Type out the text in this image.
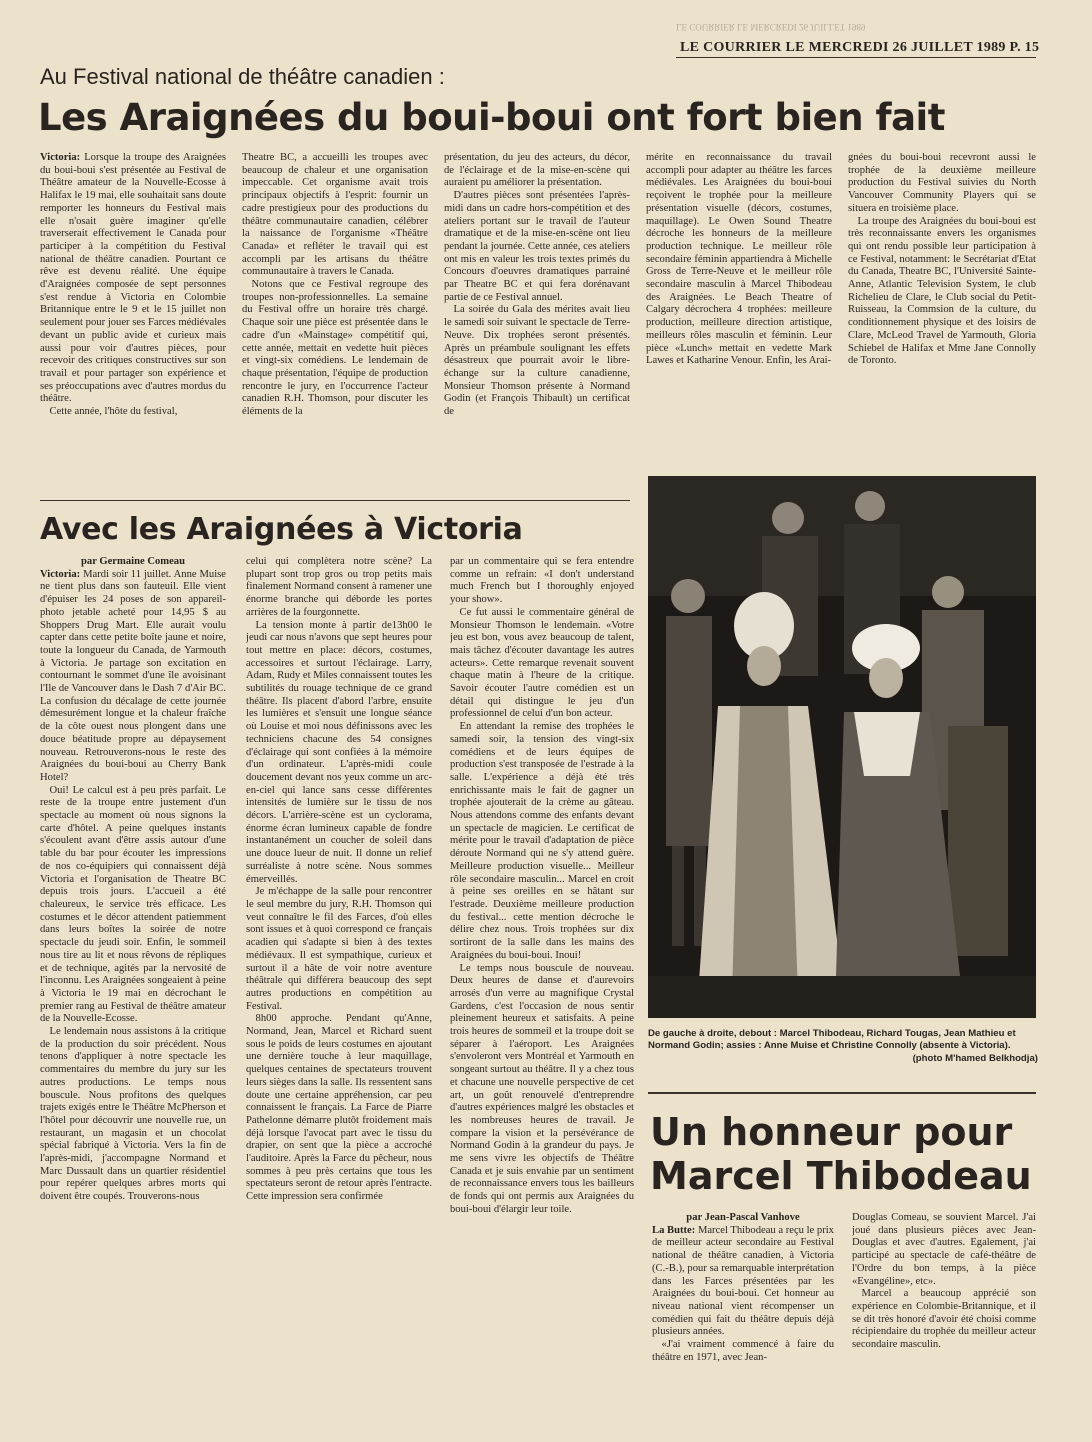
LE COURRIER LE MERCREDI 26 JUILLET 1989
LE COURRIER LE MERCREDI 26 JUILLET 1989 P. 15
Au Festival national de théâtre canadien :
Les Araignées du boui-boui ont fort bien fait

Victoria: Lorsque la troupe des Araignées du boui-boui s'est présentée au Festival de Théâtre amateur de la Nouvelle-Ecosse à Halifax le 19 mai, elle souhaitait sans doute remporter les honneurs du Festival mais elle n'osait guère imaginer qu'elle traverserait effectivement le Canada pour participer à la compétition du Festival national de théâtre canadien. Pourtant ce rêve est devenu réalité. Une équipe d'Araignées composée de sept personnes s'est rendue à Victoria en Colombie Britannique entre le 9 et le 15 juillet non seulement pour jouer ses Farces médiévales devant un public avide et curieux mais aussi pour voir d'autres pièces, pour recevoir des critiques constructives sur son travail et pour partager son expérience et ses préoccupations avec d'autres mordus du théâtre.

Cette année, l'hôte du festival,

Theatre BC, a accueilli les troupes avec beaucoup de chaleur et une organisation impeccable. Cet organisme avait trois principaux objectifs à l'esprit: fournir un cadre prestigieux pour des productions du théâtre communautaire canadien, célébrer la naissance de l'organisme «Théâtre Canada» et refléter le travail qui est accompli par les artisans du théâtre communautaire à travers le Canada.

Notons que ce Festival regroupe des troupes non-professionnelles. La semaine du Festival offre un horaire très chargé. Chaque soir une pièce est présentée dans le cadre d'un «Mainstage» compétitif qui, cette année, mettait en vedette huit pièces et vingt-six comédiens. Le lendemain de chaque présentation, l'équipe de production rencontre le jury, en l'occurrence l'acteur canadien R.H. Thomson, pour discuter les éléments de la

présentation, du jeu des acteurs, du décor, de l'éclairage et de la mise-en-scène qui auraient pu améliorer la présentation.

D'autres pièces sont présentées l'après-midi dans un cadre hors-compétition et des ateliers portant sur le travail de l'auteur dramatique et de la mise-en-scène ont lieu pendant la journée. Cette année, ces ateliers ont mis en valeur les trois textes primés du Concours d'oeuvres dramatiques parrainé par Theatre BC et qui fera dorénavant partie de ce Festival annuel.

La soirée du Gala des mérites avait lieu le samedi soir suivant le spectacle de Terre-Neuve. Dix trophées seront présentés. Après un préambule soulignant les effets désastreux que pourrait avoir le libre-échange sur la culture canadienne, Monsieur Thomson présente à Normand Godin (et François Thibault) un certificat de

mérite en reconnaissance du travail accompli pour adapter au théâtre les farces médiévales. Les Araignées du boui-boui reçoivent le trophée pour la meilleure présentation visuelle (décors, costumes, maquillage). Le Owen Sound Theatre décroche les honneurs de la meilleure production technique. Le meilleur rôle secondaire féminin appartiendra à Michelle Gross de Terre-Neuve et le meilleur rôle secondaire masculin à Marcel Thibodeau des Araignées. Le Beach Theatre of Calgary décrochera 4 trophées: meilleure production, meilleure direction artistique, meilleurs rôles masculin et féminin. Leur pièce «Lunch» mettait en vedette Mark Lawes et Katharine Venour. Enfin, les Arai-

gnées du boui-boui recevront aussi le trophée de la deuxième meilleure production du Festival suivies du North Vancouver Community Players qui se situera en troisième place.

La troupe des Araignées du boui-boui est très reconnaissante envers les organismes qui ont rendu possible leur participation à ce Festival, notamment: le Secrétariat d'Etat du Canada, Theatre BC, l'Université Sainte-Anne, Atlantic Television System, le club Richelieu de Clare, le Club social du Petit-Ruisseau, la Commsion de la culture, du conditionnement physique et des loisirs de Clare, McLeod Travel de Yarmouth, Gloria Schiebel de Halifax et Mme Jane Connolly de Toronto.

Avec les Araignées à Victoria
par Germaine Comeau

Victoria: Mardi soir 11 juillet. Anne Muise ne tient plus dans son fauteuil. Elle vient d'épuiser les 24 poses de son appareil-photo jetable acheté pour 14,95 $ au Shoppers Drug Mart. Elle aurait voulu capter dans cette petite boîte jaune et noire, toute la longueur du Canada, de Yarmouth à Victoria. Je partage son excitation en contournant le sommet d'une île avoisinant l'Ile de Vancouver dans le Dash 7 d'Air BC. La confusion du décalage de cette journée démesurément longue et la chaleur fraîche de la côte ouest nous plongent dans une douce béatitude propre au dépaysement nouveau. Retrouverons-nous le reste des Araignées du boui-boui au Cherry Bank Hotel?

Oui! Le calcul est à peu près parfait. Le reste de la troupe entre justement d'un spectacle au moment où nous signons la carte d'hôtel. A peine quelques instants s'écoulent avant d'être assis autour d'une table du bar pour écouter les impressions de nos co-équipiers qui connaissent déjà Victoria et l'organisation de Theatre BC depuis trois jours. L'accueil a été chaleureux, le service très efficace. Les costumes et le décor attendent patiemment dans leurs boîtes la soirée de notre spectacle du jeudi soir. Enfin, le sommeil nous tire au lit et nous rêvons de répliques et de technique, agités par la nervosité de l'inconnu. Les Araignées songeaient à peine à Victoria le 19 mai en décrochant le premier rang au Festival de théâtre amateur de la Nouvelle-Ecosse.

Le lendemain nous assistons à la critique de la production du soir précédent. Nous tenons d'appliquer à notre spectacle les commentaires du membre du jury sur les autres productions. Le temps nous bouscule. Nous profitons des quelques trajets exigés entre le Théâtre McPherson et l'hôtel pour découvrir une nouvelle rue, un restaurant, un magasin et un chocolat spécial fabriqué à Victoria. Vers la fin de l'après-midi, j'accompagne Normand et Marc Dussault dans un quartier résidentiel pour repérer quelques arbres morts qui doivent être coupés. Trouverons-nous

celui qui complètera notre scène? La plupart sont trop gros ou trop petits mais finalement Normand consent à ramener une énorme branche qui déborde les portes arrières de la fourgonnette.

La tension monte à partir de13h00 le jeudi car nous n'avons que sept heures pour tout mettre en place: décors, costumes, accessoires et surtout l'éclairage. Larry, Adam, Rudy et Miles connaissent toutes les subtilités du rouage technique de ce grand théâtre. Ils placent d'abord l'arbre, ensuite les lumières et s'ensuit une longue séance où Louise et moi nous définissons avec les techniciens chacune des 54 consignes d'éclairage qui sont confiées à la mémoire d'un ordinateur. L'après-midi coule doucement devant nos yeux comme un arc-en-ciel qui lance sans cesse différentes intensités de lumière sur le tissu de nos décors. L'arrière-scène est un cyclorama, énorme écran lumineux capable de fondre instantanément un coucher de soleil dans une douce lueur de nuit. Il donne un relief surréaliste à notre scène. Nous sommes émerveillés.

Je m'échappe de la salle pour rencontrer le seul membre du jury, R.H. Thomson qui veut connaître le fil des Farces, d'où elles sont issues et à quoi correspond ce français acadien qui s'adapte si bien à des textes médiévaux. Il est sympathique, curieux et surtout il a hâte de voir notre aventure théâtrale qui différera beaucoup des sept autres productions en compétition au Festival.

8h00 approche. Pendant qu'Anne, Normand, Jean, Marcel et Richard suent sous le poids de leurs costumes en ajoutant une dernière touche à leur maquillage, quelques centaines de spectateurs trouvent leurs sièges dans la salle. Ils ressentent sans doute une certaine appréhension, car peu connaissent le français. La Farce de Piarre Pathelonne démarre plutôt froidement mais déjà lorsque l'avocat part avec le tissu du drapier, on sent que la pièce a accroché l'auditoire. Après la Farce du pêcheur, nous sommes à peu près certains que tous les spectateurs seront de retour après l'entracte. Cette impression sera confirmée

par un commentaire qui se fera entendre comme un refrain: «I don't understand much French but I thoroughly enjoyed your show».

Ce fut aussi le commentaire général de Monsieur Thomson le lendemain. «Votre jeu est bon, vous avez beaucoup de talent, mais tâchez d'écouter davantage les autres acteurs». Cette remarque revenait souvent chaque matin à l'heure de la critique. Savoir écouter l'autre comédien est un détail qui distingue le jeu d'un professionnel de celui d'un bon acteur.

En attendant la remise des trophées le samedi soir, la tension des vingt-six comédiens et de leurs équipes de production s'est transposée de l'estrade à la salle. L'expérience a déjà été très enrichissante mais le fait de gagner un trophée ajouterait de la crème au gâteau. Nous attendons comme des enfants devant un spectacle de magicien. Le certificat de mérite pour le travail d'adaptation de pièce déroute Normand qui ne s'y attend guère. Meilleure production visuelle... Meilleur rôle secondaire masculin... Marcel en croit à peine ses oreilles en se hâtant sur l'estrade. Deuxième meilleure production du festival... cette mention décroche le délire chez nous. Trois trophées sur dix sortiront de la salle dans les mains des Araignées du boui-boui. Inoui!

Le temps nous bouscule de nouveau. Deux heures de danse et d'aurevoirs arrosés d'un verre au magnifique Crystal Gardens, c'est l'occasion de nous sentir pleinement heureux et satisfaits. A peine trois heures de sommeil et la troupe doit se séparer à l'aéroport. Les Araignées s'envoleront vers Montréal et Yarmouth en songeant surtout au théâtre. Il y a chez tous et chacune une nouvelle perspective de cet art, un goût renouvelé d'entreprendre d'autres expériences malgré les obstacles et les nombreuses heures de travail. Je compare la vision et la persévérance de Normand Godin à la grandeur du pays. Je me sens vivre les objectifs de Théâtre Canada et je suis envahie par un sentiment de reconnaissance envers tous les bailleurs de fonds qui ont permis aux Araignées du boui-boui d'élargir leur toile.

De gauche à droite, debout : Marcel Thibodeau, Richard Tougas, Jean Mathieu et Normand Godin; assies : Anne Muise et Christine Connolly (absente à Victoria).
(photo M'hamed Belkhodja)
Un honneur pour
Marcel Thibodeau
par Jean-Pascal Vanhove

La Butte: Marcel Thibodeau a reçu le prix de meilleur acteur secondaire au Festival national de théâtre canadien, à Victoria (C.-B.), pour sa remarquable interprétation dans les Farces présentées par les Araignées du boui-boui. Cet honneur au niveau national vient récompenser un comédien qui fait du théâtre depuis déjà plusieurs années.

«J'ai vraiment commencé à faire du théâtre en 1971, avec Jean-

Douglas Comeau, se souvient Marcel. J'ai joué dans plusieurs pièces avec Jean-Douglas et avec d'autres. Egalement, j'ai participé au spectacle de café-théâtre de l'Ordre du bon temps, à la pièce «Evangéline», etc».

Marcel a beaucoup apprécié son expérience en Colombie-Britannique, et il se dit très honoré d'avoir été choisi comme récipiendaire du trophée du meilleur acteur secondaire masculin.
